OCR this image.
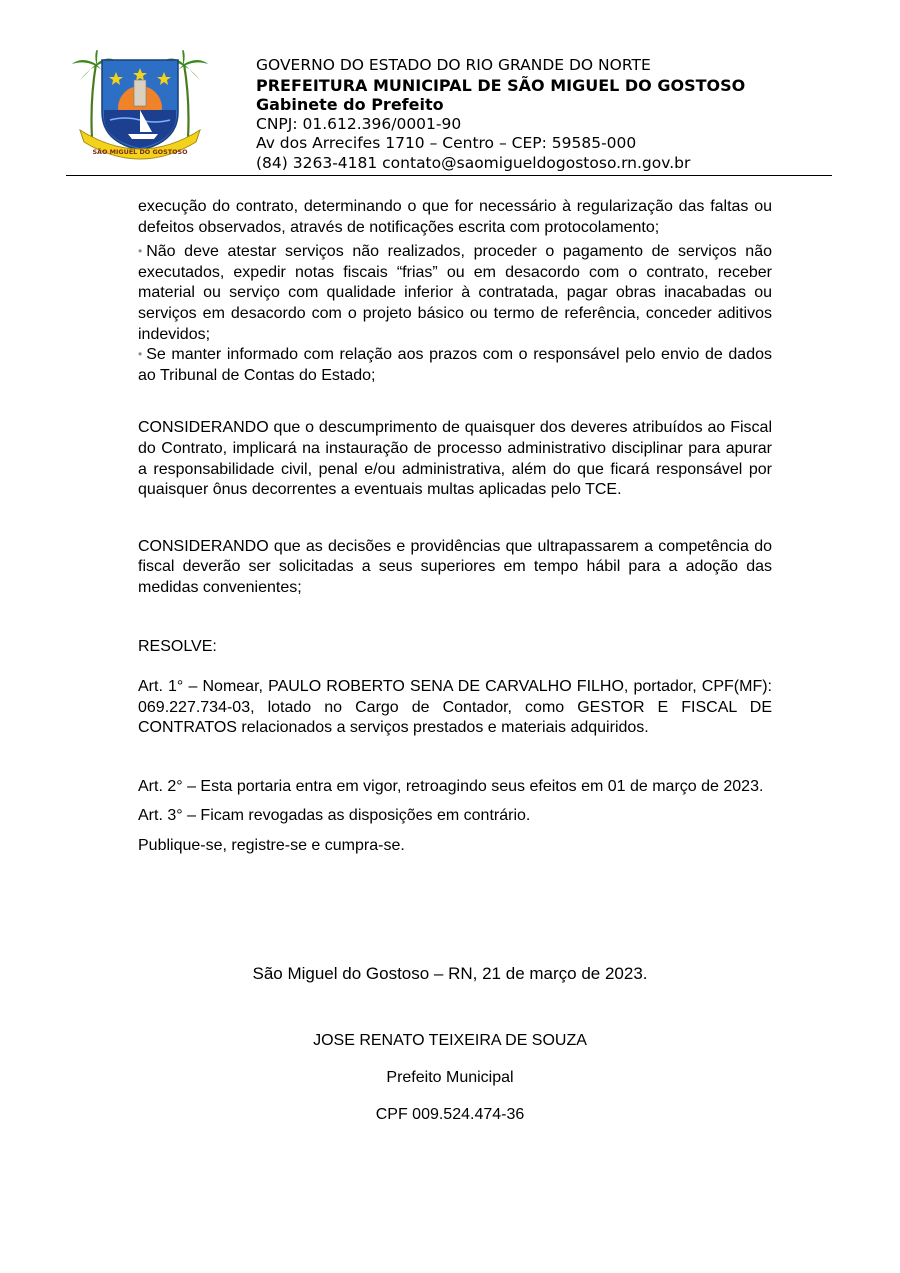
SÃO MIGUEL DO GOSTOSO
GOVERNO DO ESTADO DO RIO GRANDE DO NORTE
PREFEITURA MUNICIPAL DE SÃO MIGUEL DO GOSTOSO
Gabinete do Prefeito
CNPJ: 01.612.396/0001-90
Av dos Arrecifes 1710 – Centro – CEP: 59585-000
(84) 3263-4181 contato@saomigueldogostoso.rn.gov.br

execução do contrato, determinando o que for necessário à regularização das faltas ou defeitos observados, através de notificações escrita com protocolamento;

• Não deve atestar serviços não realizados, proceder o pagamento de serviços não executados, expedir notas fiscais “frias” ou em desacordo com o contrato, receber material ou serviço com qualidade inferior à contratada, pagar obras inacabadas ou serviços em desacordo com o projeto básico ou termo de referência, conceder aditivos indevidos;

• Se manter informado com relação aos prazos com o responsável pelo envio de dados ao Tribunal de Contas do Estado;

CONSIDERANDO que o descumprimento de quaisquer dos deveres atribuídos ao Fiscal do Contrato, implicará na instauração de processo administrativo disciplinar para apurar a responsabilidade civil, penal e/ou administrativa, além do que ficará responsável por quaisquer ônus decorrentes a eventuais multas aplicadas pelo TCE.

CONSIDERANDO que as decisões e providências que ultrapassarem a competência do fiscal deverão ser solicitadas a seus superiores em tempo hábil para a adoção das medidas convenientes;

RESOLVE:

Art. 1° – Nomear, PAULO ROBERTO SENA DE CARVALHO FILHO, portador, CPF(MF): 069.227.734-03, lotado no Cargo de Contador, como GESTOR E FISCAL DE CONTRATOS relacionados a serviços prestados e materiais adquiridos.

Art. 2° – Esta portaria entra em vigor, retroagindo seus efeitos em 01 de março de 2023.

Art. 3° – Ficam revogadas as disposições em contrário.

Publique-se, registre-se e cumpra-se.

São Miguel do Gostoso – RN, 21 de março de 2023.
JOSE RENATO TEIXEIRA DE SOUZA
Prefeito Municipal
CPF 009.524.474-36
